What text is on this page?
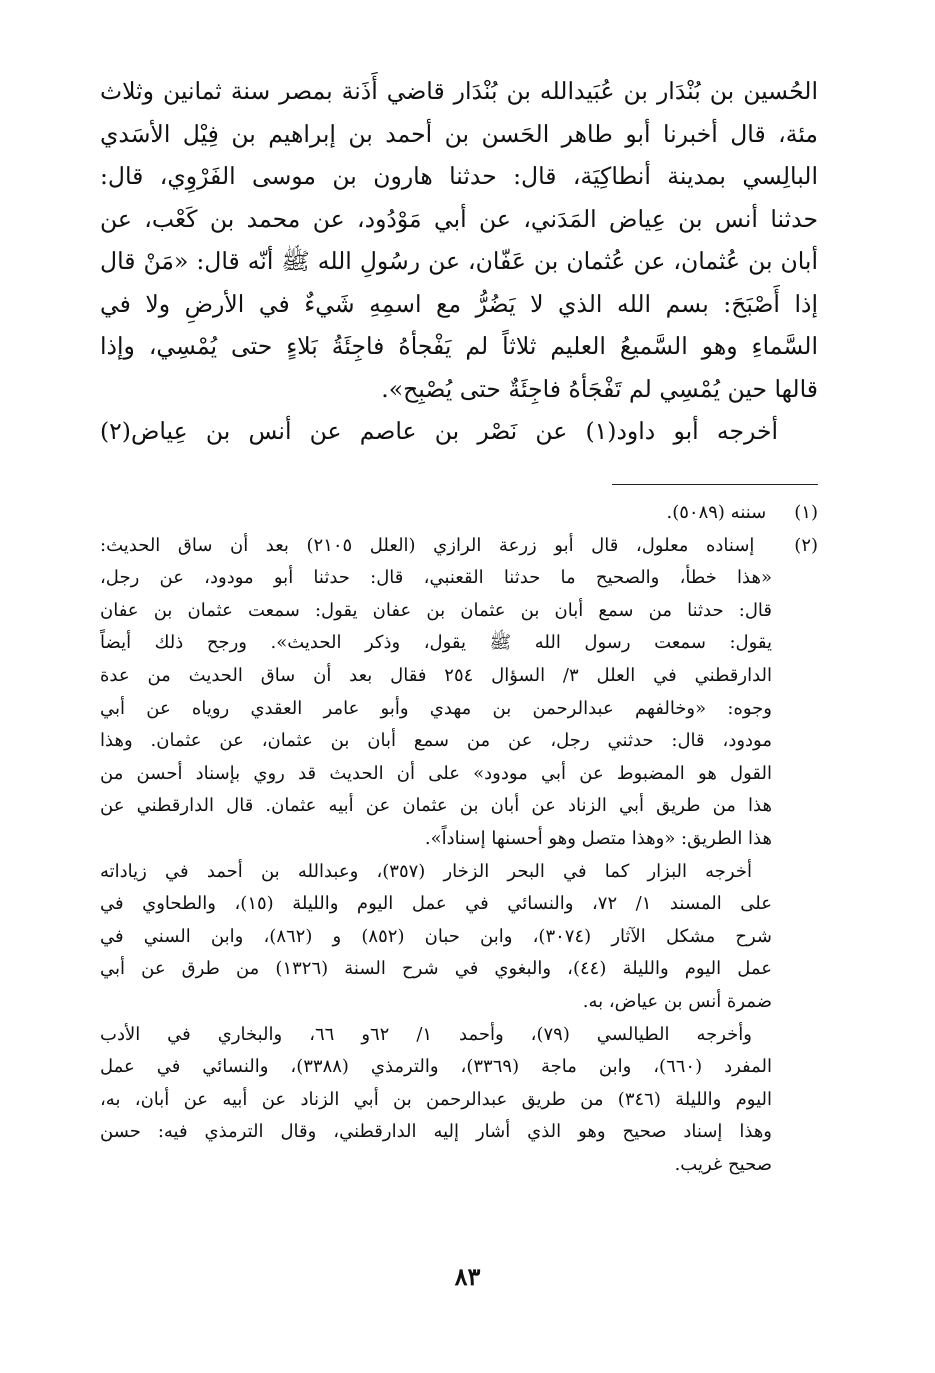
الحُسين بن بُنْدَار بن عُبَيدالله بن بُنْدَار قاضي أَذَنة بمصر سنة ثمانين وثلاث
مئة، قال أخبرنا أبو طاهر الحَسن بن أحمد بن إبراهيم بن فِيْل الأسَدي
البالِسي بمدينة أنطاكِيَة، قال: حدثنا هارون بن موسى الفَرْوِي، قال:
حدثنا أنس بن عِياض المَدَني، عن أبي مَوْدُود، عن محمد بن كَعْب، عن
أبان بن عُثمان، عن عُثمان بن عَفّان، عن رسُولِ الله ﷺ أنّه قال: «مَنْ قال
إذا أَصْبَحَ: بسم الله الذي لا يَضُرُّ مع اسمِهِ شَيءٌ في الأرضِ ولا في
السَّماءِ وهو السَّميعُ العليم ثلاثاً لم يَفْجأهُ فاجِئَةُ بَلاءٍ حتى يُمْسِي، وإذا
قالها حين يُمْسِي لم تَفْجَأهُ فاجِئَةٌ حتى يُصْبِح».
أخرجه أبو داود(١) عن نَصْر بن عاصم عن أنس بن عِياض(٢)
(١) سننه (٥٠٨٩).
(٢) إسناده معلول، قال أبو زرعة الرازي (العلل ٢١٠٥) بعد أن ساق الحديث:
«هذا خطأ، والصحيح ما حدثنا القعنبي، قال: حدثنا أبو مودود، عن رجل،
قال: حدثنا من سمع أبان بن عثمان بن عفان يقول: سمعت عثمان بن عفان
يقول: سمعت رسول الله ﷺ يقول، وذكر الحديث». ورجح ذلك أيضاً
الدارقطني في العلل ٣/ السؤال ٢٥٤ فقال بعد أن ساق الحديث من عدة
وجوه: «وخالفهم عبدالرحمن بن مهدي وأبو عامر العقدي روياه عن أبي
مودود، قال: حدثني رجل، عن من سمع أبان بن عثمان، عن عثمان. وهذا
القول هو المضبوط عن أبي مودود» على أن الحديث قد روي بإسناد أحسن من
هذا من طريق أبي الزناد عن أبان بن عثمان عن أبيه عثمان. قال الدارقطني عن
هذا الطريق: «وهذا متصل وهو أحسنها إسناداً».
أخرجه البزار كما في البحر الزخار (٣٥٧)، وعبدالله بن أحمد في زياداته
على المسند ١/ ٧٢، والنسائي في عمل اليوم والليلة (١٥)، والطحاوي في
شرح مشكل الآثار (٣٠٧٤)، وابن حبان (٨٥٢) و (٨٦٢)، وابن السني في
عمل اليوم والليلة (٤٤)، والبغوي في شرح السنة (١٣٢٦) من طرق عن أبي
ضمرة أنس بن عياض، به.
وأخرجه الطيالسي (٧٩)، وأحمد ١/ ٦٢و ٦٦، والبخاري في الأدب
المفرد (٦٦٠)، وابن ماجة (٣٣٦٩)، والترمذي (٣٣٨٨)، والنسائي في عمل
اليوم والليلة (٣٤٦) من طريق عبدالرحمن بن أبي الزناد عن أبيه عن أبان، به،
وهذا إسناد صحيح وهو الذي أشار إليه الدارقطني، وقال الترمذي فيه: حسن
صحيح غريب.
٨٣
